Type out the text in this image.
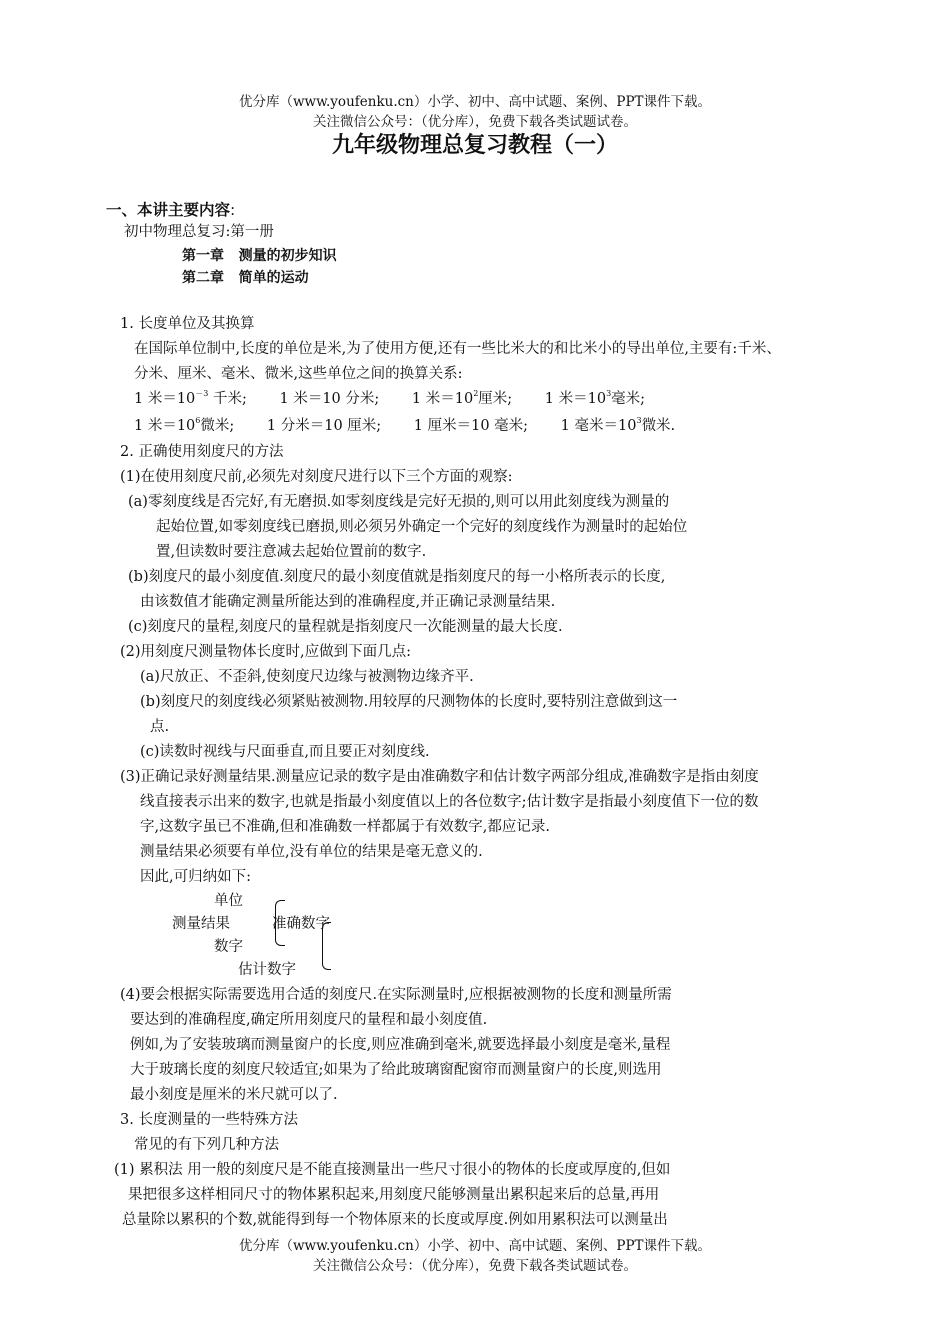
优分库（www.youfenku.cn）小学、初中、高中试题、案例、PPT课件下载。
关注微信公众号：（优分库），免费下载各类试题试卷。
九年级物理总复习教程（一）
一、本讲主要内容:
初中物理总复习:第一册
第一章 测量的初步知识
第二章 简单的运动
1. 长度单位及其换算
在国际单位制中,长度的单位是米,为了使用方便,还有一些比米大的和比米小的导出单位,主要有:千米、
分米、厘米、毫米、微米,这些单位之间的换算关系:
1 米$=10^{-3}$ 千米; 1 米＝10 分米; 1 米$=10^2$厘米; 1 米$=10^3$毫米;
1 米$=10^6$微米; 1 分米＝10 厘米; 1 厘米＝10 毫米; 1 毫米$=10^3$微米.
2. 正确使用刻度尺的方法
(1)在使用刻度尺前,必须先对刻度尺进行以下三个方面的观察:
(a)零刻度线是否完好,有无磨损.如零刻度线是完好无损的,则可以用此刻度线为测量的
起始位置,如零刻度线已磨损,则必须另外确定一个完好的刻度线作为测量时的起始位
置,但读数时要注意减去起始位置前的数字.
(b)刻度尺的最小刻度值.刻度尺的最小刻度值就是指刻度尺的每一小格所表示的长度,
由该数值才能确定测量所能达到的准确程度,并正确记录测量结果.
(c)刻度尺的量程,刻度尺的量程就是指刻度尺一次能测量的最大长度.
(2)用刻度尺测量物体长度时,应做到下面几点:
(a)尺放正、不歪斜,使刻度尺边缘与被测物边缘齐平.
(b)刻度尺的刻度线必须紧贴被测物.用较厚的尺测物体的长度时,要特别注意做到这一
点.
(c)读数时视线与尺面垂直,而且要正对刻度线.
(3)正确记录好测量结果.测量应记录的数字是由准确数字和估计数字两部分组成,准确数字是指由刻度
线直接表示出来的数字,也就是指最小刻度值以上的各位数字;估计数字是指最小刻度值下一位的数
字,这数字虽已不准确,但和准确数一样都属于有效数字,都应记录.
测量结果必须要有单位,没有单位的结果是毫无意义的.
因此,可归纳如下:
单位
测量结果
数字
准确数字
估计数字
(4)要会根据实际需要选用合适的刻度尺.在实际测量时,应根据被测物的长度和测量所需
要达到的准确程度,确定所用刻度尺的量程和最小刻度值.
例如,为了安装玻璃而测量窗户的长度,则应准确到毫米,就要选择最小刻度是毫米,量程
大于玻璃长度的刻度尺较适宜;如果为了给此玻璃窗配窗帘而测量窗户的长度,则选用
最小刻度是厘米的米尺就可以了.
3. 长度测量的一些特殊方法
常见的有下列几种方法
(1) 累积法 用一般的刻度尺是不能直接测量出一些尺寸很小的物体的长度或厚度的,但如
果把很多这样相同尺寸的物体累积起来,用刻度尺能够测量出累积起来后的总量,再用
总量除以累积的个数,就能得到每一个物体原来的长度或厚度.例如用累积法可以测量出
优分库（www.youfenku.cn）小学、初中、高中试题、案例、PPT课件下载。
关注微信公众号：（优分库），免费下载各类试题试卷。
